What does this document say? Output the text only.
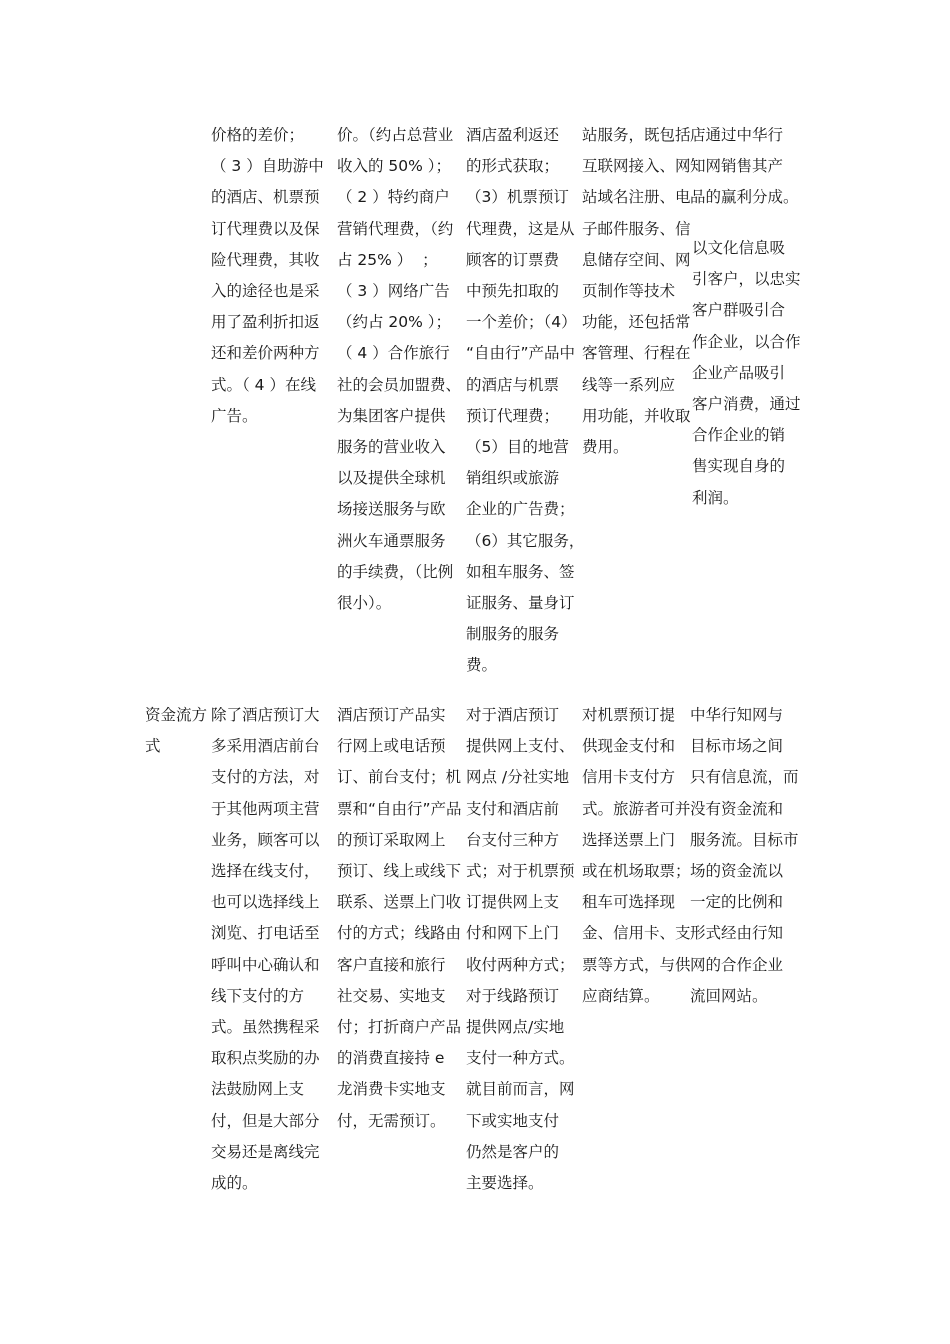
价格的差价；
（ 3 ）自助游中
的酒店、机票预
订代理费以及保
险代理费，其收
入的途径也是采
用了盈利折扣返
还和差价两种方
式。（ 4 ）在线
广告。
价。（约占总营业
收入的 50% ）；
（ 2 ）特约商户
营销代理费，（约
占 25% ）  ；
（ 3 ）网络广告
（约占 20% ）；
（ 4 ）合作旅行
社的会员加盟费、
为集团客户提供
服务的营业收入
以及提供全球机
场接送服务与欧
洲火车通票服务
的手续费，（比例
很小）。
酒店盈利返还
的形式获取；
（3）机票预订
代理费，这是从
顾客的订票费
中预先扣取的
一个差价；（4）
“自由行”产品中
的酒店与机票
预订代理费；
（5）目的地营
销组织或旅游
企业的广告费；
（6）其它服务，
如租车服务、签
证服务、量身订
制服务的服务
费。
站服务，既包括
互联网接入、网
站域名注册、电
子邮件服务、信
息储存空间、网
页制作等技术
功能，还包括常
客管理、行程在
线等一系列应
用功能，并收取
费用。
店通过中华行
知网销售其产
品的赢利分成。
以文化信息吸
引客户，以忠实
客户群吸引合
作企业，以合作
企业产品吸引
客户消费，通过
合作企业的销
售实现自身的
利润。
资金流方
式
除了酒店预订大
多采用酒店前台
支付的方法，对
于其他两项主营
业务，顾客可以
选择在线支付，
也可以选择线上
浏览、打电话至
呼叫中心确认和
线下支付的方
式。虽然携程采
取积点奖励的办
法鼓励网上支
付，但是大部分
交易还是离线完
成的。
酒店预订产品实
行网上或电话预
订、前台支付；机
票和“自由行”产品
的预订采取网上
预订、线上或线下
联系、送票上门收
付的方式；线路由
客户直接和旅行
社交易、实地支
付；打折商户产品
的消费直接持 e
龙消费卡实地支
付，无需预订。
对于酒店预订
提供网上支付、
网点 /分社实地
支付和酒店前
台支付三种方
式；对于机票预
订提供网上支
付和网下上门
收付两种方式；
对于线路预订
提供网点/实地
支付一种方式。
就目前而言，网
下或实地支付
仍然是客户的
主要选择。
对机票预订提
供现金支付和
信用卡支付方
式。旅游者可并
选择送票上门
或在机场取票；
租车可选择现
金、信用卡、支
票等方式，与供
应商结算。
中华行知网与
目标市场之间
只有信息流，而
没有资金流和
服务流。目标市
场的资金流以
一定的比例和
形式经由行知
网的合作企业
流回网站。
